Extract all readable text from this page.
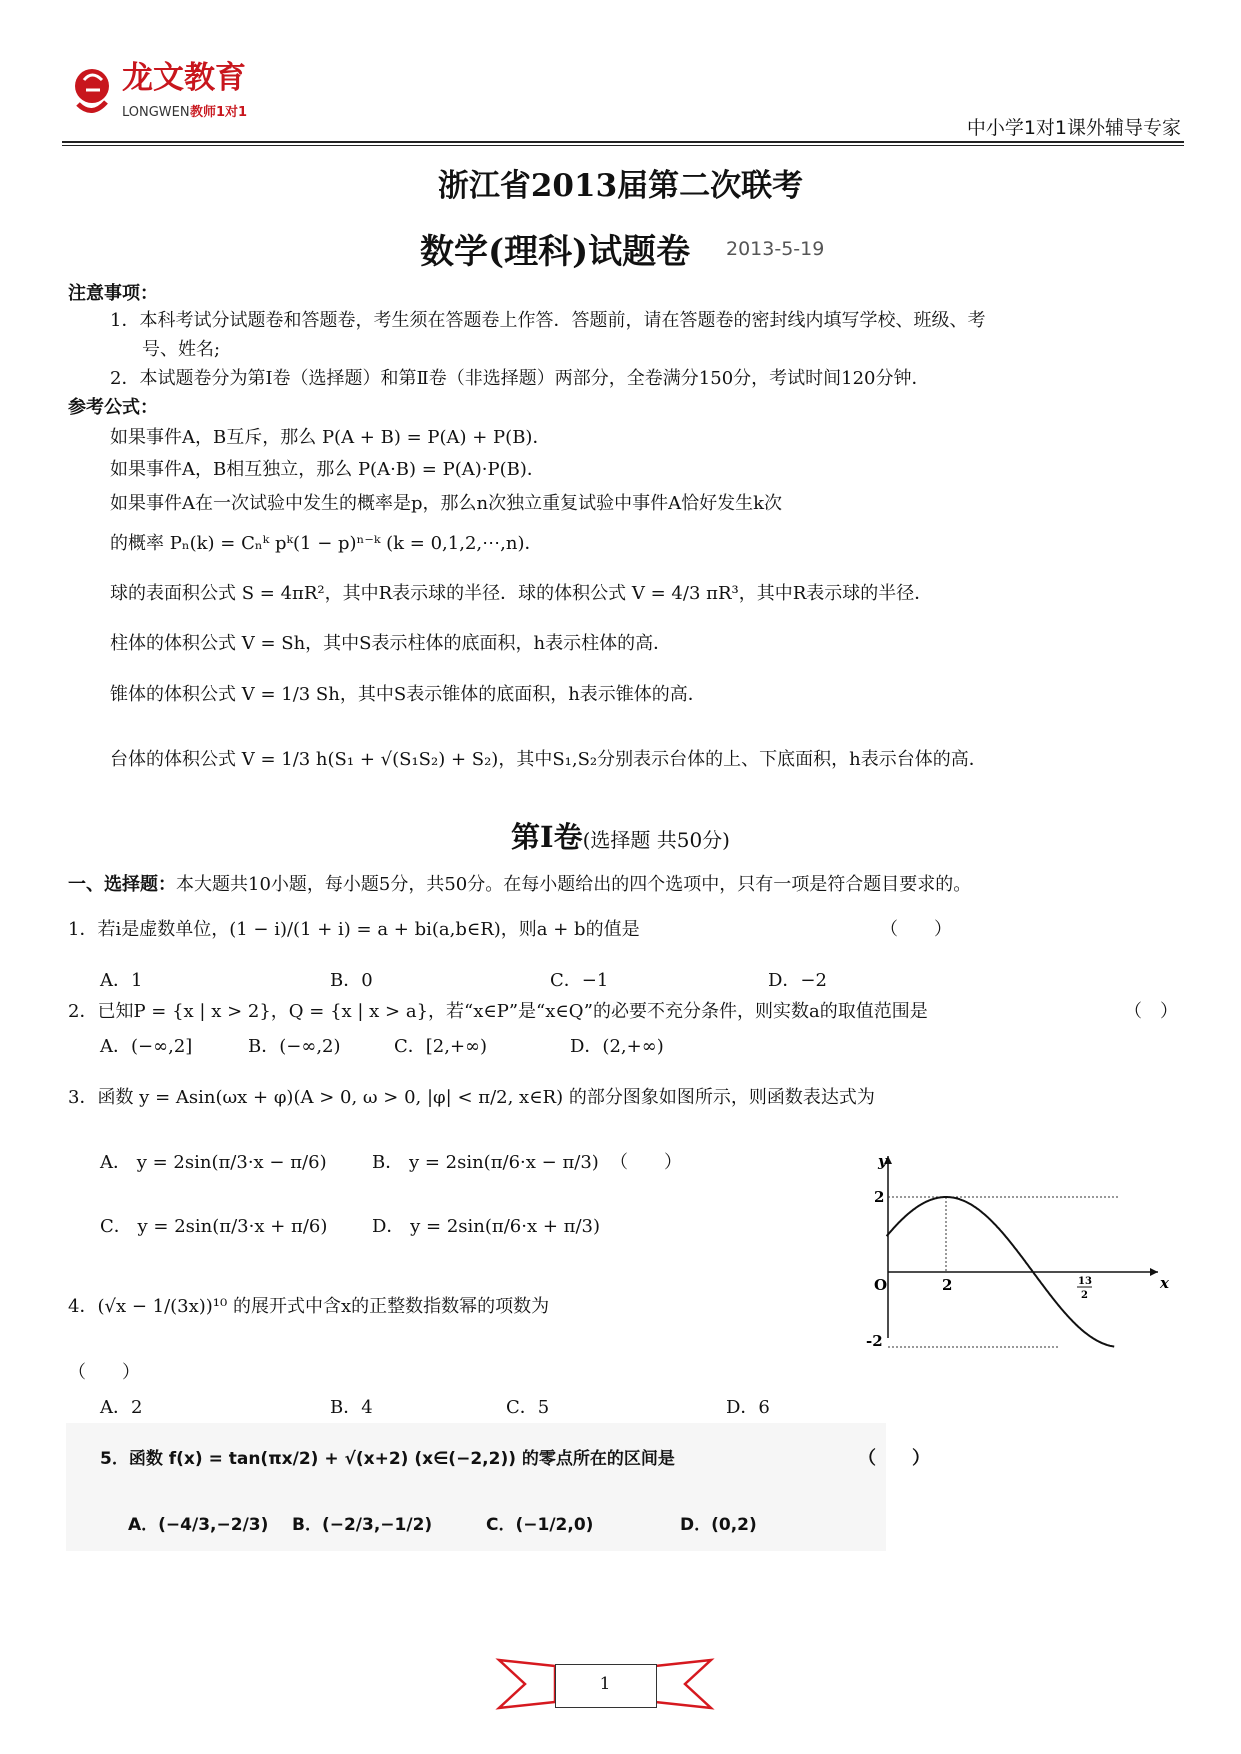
龙文教育
LONGWEN 教师1对1
中小学1对1课外辅导专家
浙江省2013届第二次联考
数学(理科)试题卷 2013-5-19
注意事项：
1．本科考试分试题卷和答题卷，考生须在答题卷上作答．答题前，请在答题卷的密封线内填写学校、班级、考
号、姓名;
2．本试题卷分为第Ⅰ卷（选择题）和第Ⅱ卷（非选择题）两部分，全卷满分150分，考试时间120分钟．
参考公式：
如果事件A，B互斥，那么 P(A + B) = P(A) + P(B)．
如果事件A，B相互独立，那么 P(A·B) = P(A)·P(B)．
如果事件A在一次试验中发生的概率是p，那么n次独立重复试验中事件A恰好发生k次
的概率 Pₙ(k) = Cₙᵏ pᵏ(1 − p)ⁿ⁻ᵏ (k = 0,1,2,⋯,n)．
球的表面积公式 S = 4πR²，其中R表示球的半径．球的体积公式 V = 4/3 πR³，其中R表示球的半径．
柱体的体积公式 V = Sh，其中S表示柱体的底面积，h表示柱体的高．
锥体的体积公式 V = 1/3 Sh，其中S表示锥体的底面积，h表示锥体的高．
台体的体积公式 V = 1/3 h(S₁ + √(S₁S₂) + S₂)，其中S₁,S₂分别表示台体的上、下底面积，h表示台体的高．
第Ⅰ卷(选择题 共50分)
一、选择题：本大题共10小题，每小题5分，共50分。在每小题给出的四个选项中，只有一项是符合题目要求的。
1．若i是虚数单位，(1 − i)/(1 + i) = a + bi(a,b∈R)，则a + b的值是	（　　）
A．1	B．0	C．−1	D．−2
2．已知P = {x | x > 2}，Q = {x | x > a}，若“x∈P”是“x∈Q”的必要不充分条件，则实数a的取值范围是	（　）
A．(−∞,2]	B．(−∞,2)	C．[2,+∞)	D．(2,+∞)
3．函数 y = Asin(ωx + φ)(A > 0, ω > 0, |φ| < π/2, x∈R) 的部分图象如图所示，则函数表达式为
A． y = 2sin(π/3·x − π/6)	B． y = 2sin(π/6·x − π/3) （　　）
C． y = 2sin(π/3·x + π/6) D． y = 2sin(π/6·x + π/3)
y
x
O
2
-2
2	13
2
4．(√x − 1/(3x))¹⁰ 的展开式中含x的正整数指数幂的项数为
（　　）
A．2	B．4	C．5	D．6
5．函数 f(x) = tan(πx/2) + √(x+2) (x∈(−2,2)) 的零点所在的区间是	（　　）
A．(−4/3,−2/3) B．(−2/3,−1/2)	C．(−1/2,0)	D．(0,2)
1
